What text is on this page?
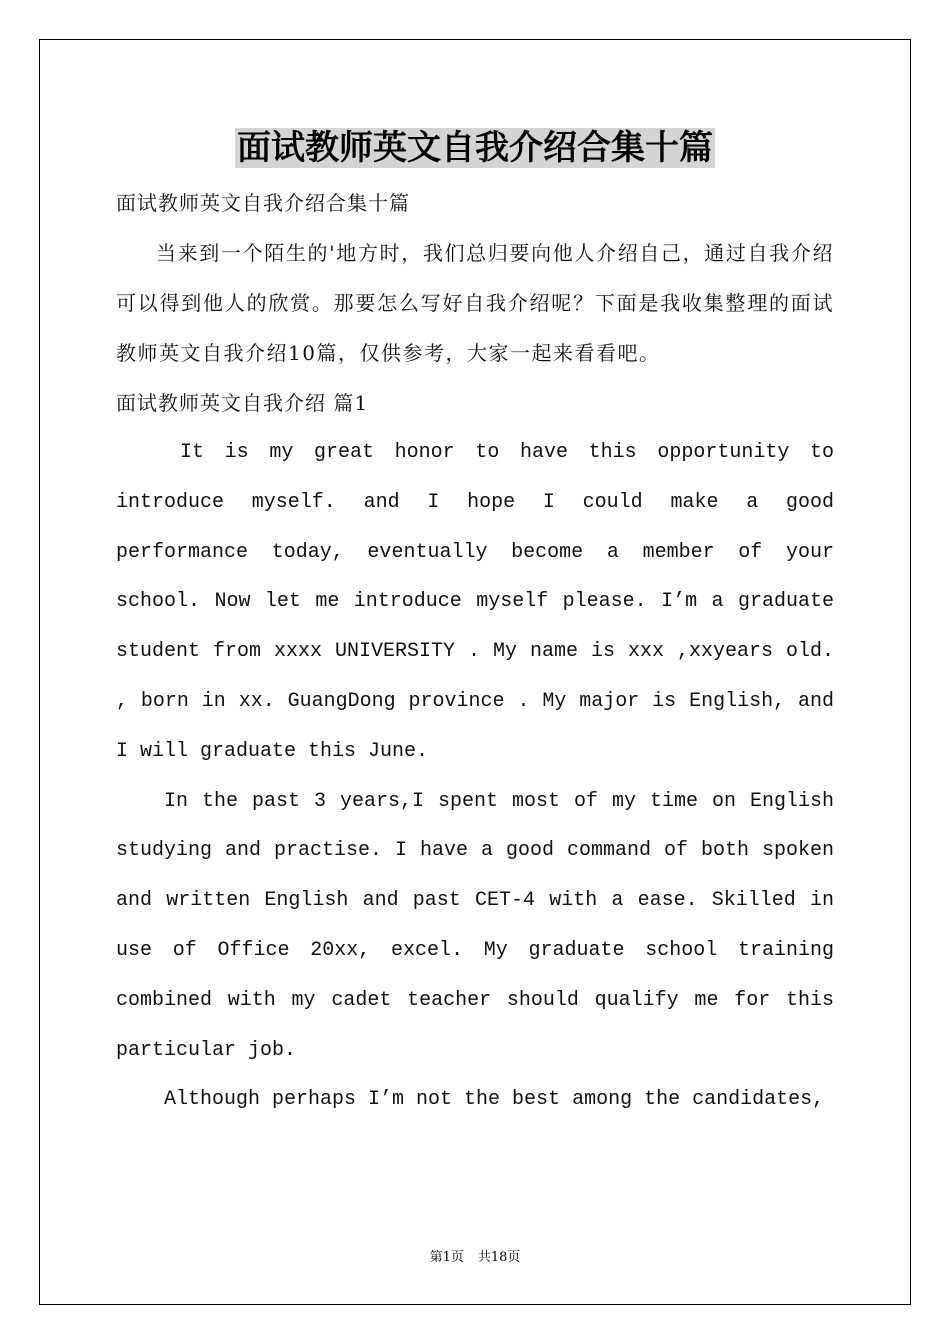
面试教师英文自我介绍合集十篇

面试教师英文自我介绍合集十篇

当来到一个陌生的'地方时，我们总归要向他人介绍自己，通过自我介绍可以得到他人的欣赏。那要怎么写好自我介绍呢？下面是我收集整理的面试教师英文自我介绍10篇，仅供参考，大家一起来看看吧。

面试教师英文自我介绍 篇1

It is my great honor to have this opportunity to introduce myself. and I hope I could make a good performance today, eventually become a member of your school. Now let me introduce myself please. I’m a graduate student from xxxx UNIVERSITY . My name is xxx ,xxyears old. , born in xx. GuangDong province . My major is English, and I will graduate this June.

In the past 3 years,I spent most of my time on English studying and practise. I have a good command of both spoken and written English and past CET-4 with a ease. Skilled in use of Office 20xx, excel. My graduate school training combined with my cadet teacher should qualify me for this particular job.

Although perhaps I’m not the best among the candidates,

第1页 共18页
